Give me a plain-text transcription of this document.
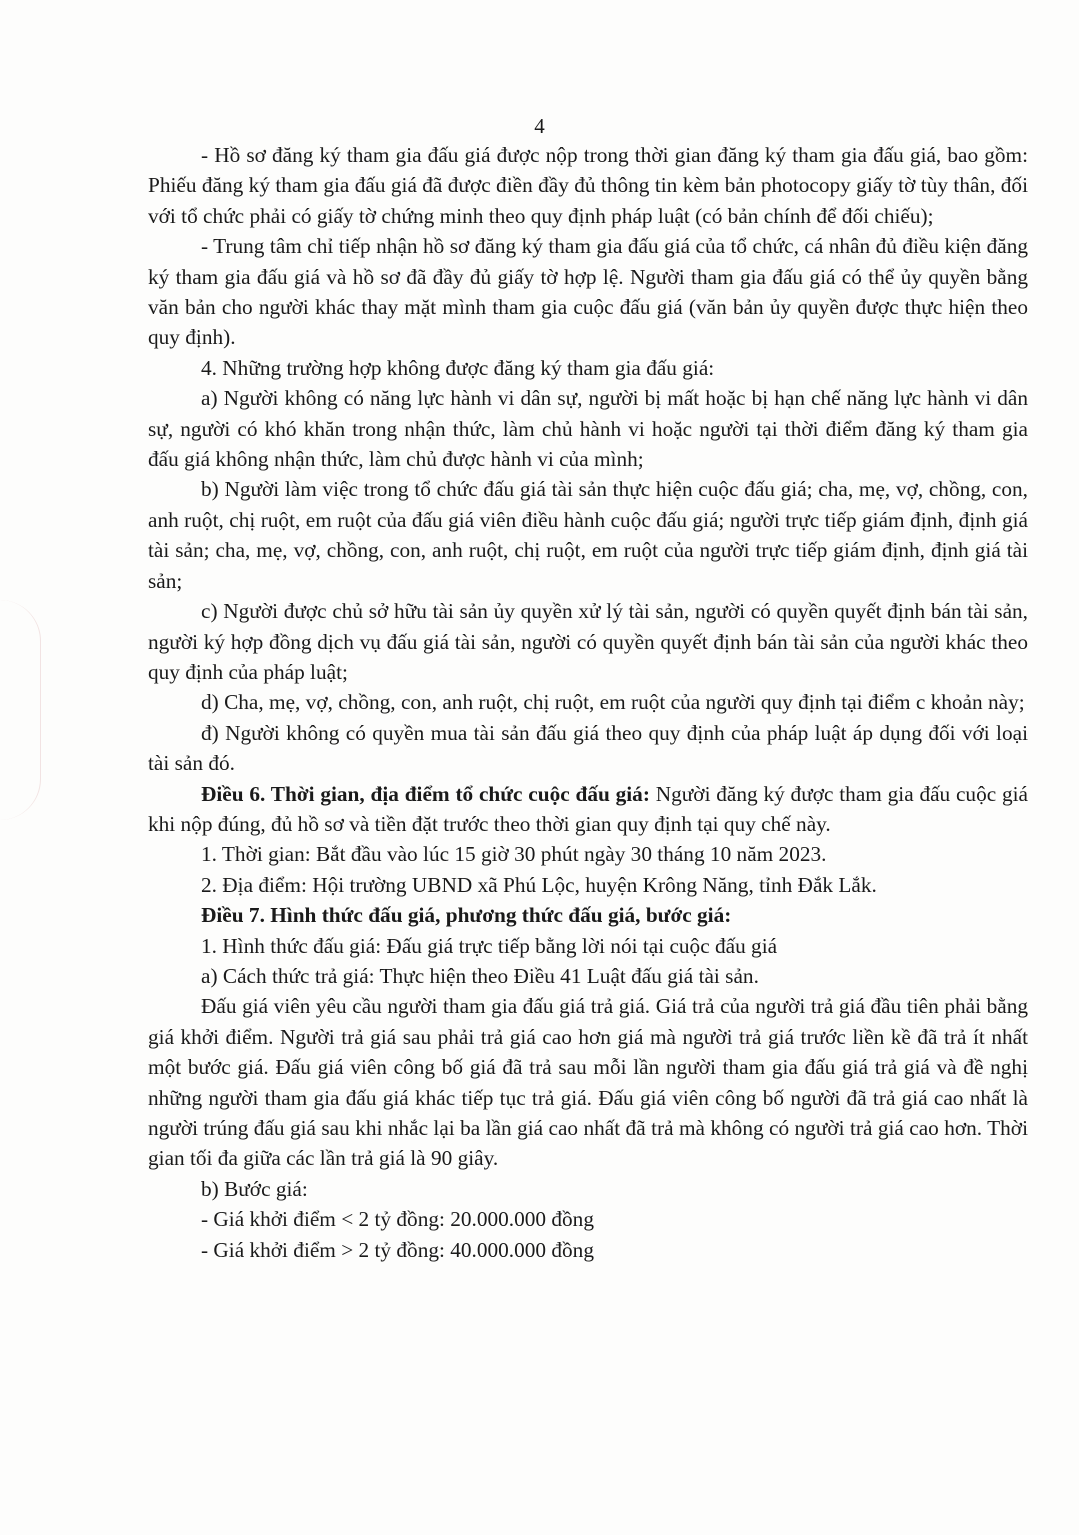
4

- Hồ sơ đăng ký tham gia đấu giá được nộp trong thời gian đăng ký tham gia đấu giá, bao gồm: Phiếu đăng ký tham gia đấu giá đã được điền đầy đủ thông tin kèm bản photocopy giấy tờ tùy thân, đối với tổ chức phải có giấy tờ chứng minh theo quy định pháp luật (có bản chính để đối chiếu);

- Trung tâm chỉ tiếp nhận hồ sơ đăng ký tham gia đấu giá của tổ chức, cá nhân đủ điều kiện đăng ký tham gia đấu giá và hồ sơ đã đầy đủ giấy tờ hợp lệ. Người tham gia đấu giá có thể ủy quyền bằng văn bản cho người khác thay mặt mình tham gia cuộc đấu giá (văn bản ủy quyền được thực hiện theo quy định).

4. Những trường hợp không được đăng ký tham gia đấu giá:

a) Người không có năng lực hành vi dân sự, người bị mất hoặc bị hạn chế năng lực hành vi dân sự, người có khó khăn trong nhận thức, làm chủ hành vi hoặc người tại thời điểm đăng ký tham gia đấu giá không nhận thức, làm chủ được hành vi của mình;

b) Người làm việc trong tổ chức đấu giá tài sản thực hiện cuộc đấu giá; cha, mẹ, vợ, chồng, con, anh ruột, chị ruột, em ruột của đấu giá viên điều hành cuộc đấu giá; người trực tiếp giám định, định giá tài sản; cha, mẹ, vợ, chồng, con, anh ruột, chị ruột, em ruột của người trực tiếp giám định, định giá tài sản;

c) Người được chủ sở hữu tài sản ủy quyền xử lý tài sản, người có quyền quyết định bán tài sản, người ký hợp đồng dịch vụ đấu giá tài sản, người có quyền quyết định bán tài sản của người khác theo quy định của pháp luật;

d) Cha, mẹ, vợ, chồng, con, anh ruột, chị ruột, em ruột của người quy định tại điểm c khoản này;

đ) Người không có quyền mua tài sản đấu giá theo quy định của pháp luật áp dụng đối với loại tài sản đó.

Điều 6. Thời gian, địa điểm tổ chức cuộc đấu giá: Người đăng ký được tham gia đấu cuộc giá khi nộp đúng, đủ hồ sơ và tiền đặt trước theo thời gian quy định tại quy chế này.

1. Thời gian: Bắt đầu vào lúc 15 giờ 30 phút ngày 30 tháng 10 năm 2023.

2. Địa điểm: Hội trường UBND xã Phú Lộc, huyện Krông Năng, tỉnh Đắk Lắk.

Điều 7. Hình thức đấu giá, phương thức đấu giá, bước giá:

1. Hình thức đấu giá: Đấu giá trực tiếp bằng lời nói tại cuộc đấu giá

a) Cách thức trả giá: Thực hiện theo Điều 41 Luật đấu giá tài sản.

Đấu giá viên yêu cầu người tham gia đấu giá trả giá. Giá trả của người trả giá đầu tiên phải bằng giá khởi điểm. Người trả giá sau phải trả giá cao hơn giá mà người trả giá trước liền kề đã trả ít nhất một bước giá. Đấu giá viên công bố giá đã trả sau mỗi lần người tham gia đấu giá trả giá và đề nghị những người tham gia đấu giá khác tiếp tục trả giá. Đấu giá viên công bố người đã trả giá cao nhất là người trúng đấu giá sau khi nhắc lại ba lần giá cao nhất đã trả mà không có người trả giá cao hơn. Thời gian tối đa giữa các lần trả giá là 90 giây.

b) Bước giá:

- Giá khởi điểm < 2 tỷ đồng: 20.000.000 đồng

- Giá khởi điểm > 2 tỷ đồng: 40.000.000 đồng
